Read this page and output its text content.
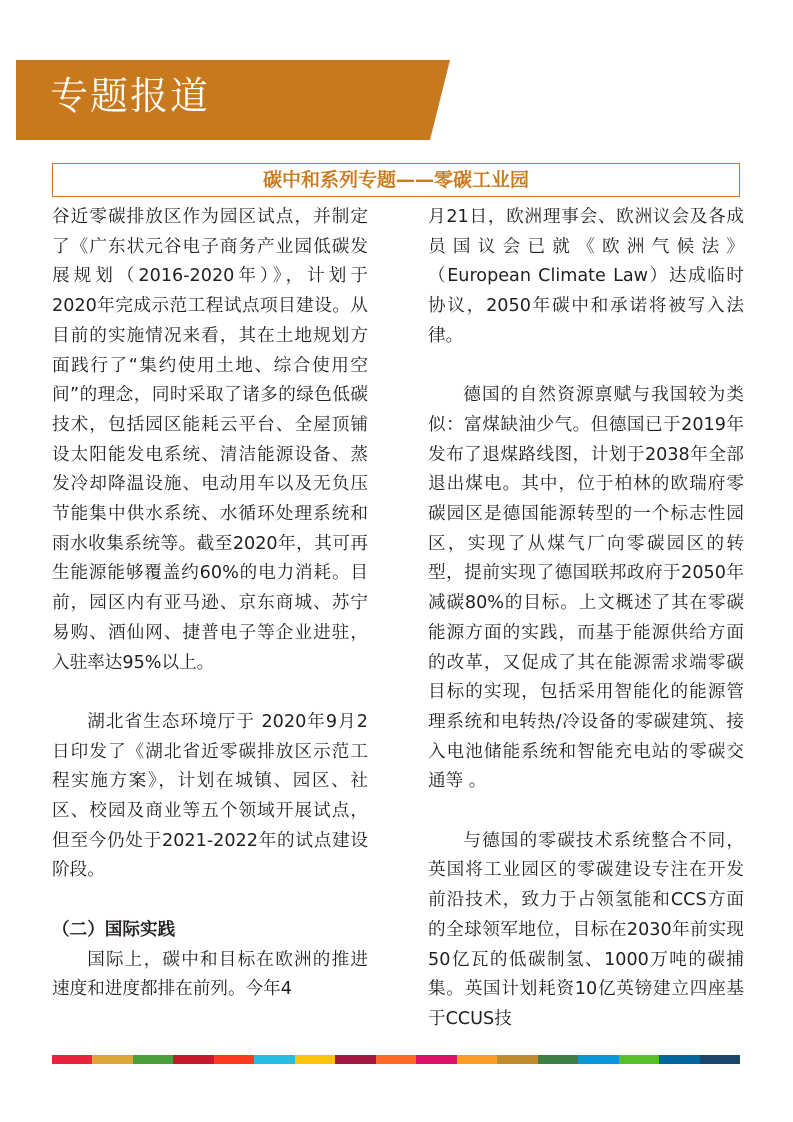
专题报道
碳中和系列专题——零碳工业园

谷近零碳排放区作为园区试点，并制定了《广东状元谷电子商务产业园低碳发展规划（2016-2020年）》，计划于2020年完成示范工程试点项目建设。从目前的实施情况来看，其在土地规划方面践行了“集约使用土地、综合使用空间”的理念，同时采取了诸多的绿色低碳技术，包括园区能耗云平台、全屋顶铺设太阳能发电系统、清洁能源设备、蒸发冷却降温设施、电动用车以及无负压节能集中供水系统、水循环处理系统和雨水收集系统等。截至2020年，其可再生能源能够覆盖约60%的电力消耗。目前，园区内有亚马逊、京东商城、苏宁易购、酒仙网、捷普电子等企业进驻，入驻率达95%以上。

湖北省生态环境厅于 2020年9月2日印发了《湖北省近零碳排放区示范工程实施方案》，计划在城镇、园区、社区、校园及商业等五个领域开展试点，但至今仍处于2021-2022年的试点建设阶段。

（二）国际实践

国际上，碳中和目标在欧洲的推进速度和进度都排在前列。今年4

月21日，欧洲理事会、欧洲议会及各成员国议会已就《欧洲气候法》（European Climate Law）达成临时协议，2050年碳中和承诺将被写入法律。

德国的自然资源禀赋与我国较为类似：富煤缺油少气。但德国已于2019年发布了退煤路线图，计划于2038年全部退出煤电。其中，位于柏林的欧瑞府零碳园区是德国能源转型的一个标志性园区，实现了从煤气厂向零碳园区的转型，提前实现了德国联邦政府于2050年减碳80%的目标。上文概述了其在零碳能源方面的实践，而基于能源供给方面的改革，又促成了其在能源需求端零碳目标的实现，包括采用智能化的能源管理系统和电转热/冷设备的零碳建筑、接入电池储能系统和智能充电站的零碳交通等 。

与德国的零碳技术系统整合不同，英国将工业园区的零碳建设专注在开发前沿技术，致力于占领氢能和CCS方面的全球领军地位，目标在2030年前实现50亿瓦的低碳制氢、1000万吨的碳捕集。英国计划耗资10亿英镑建立四座基于CCUS技
